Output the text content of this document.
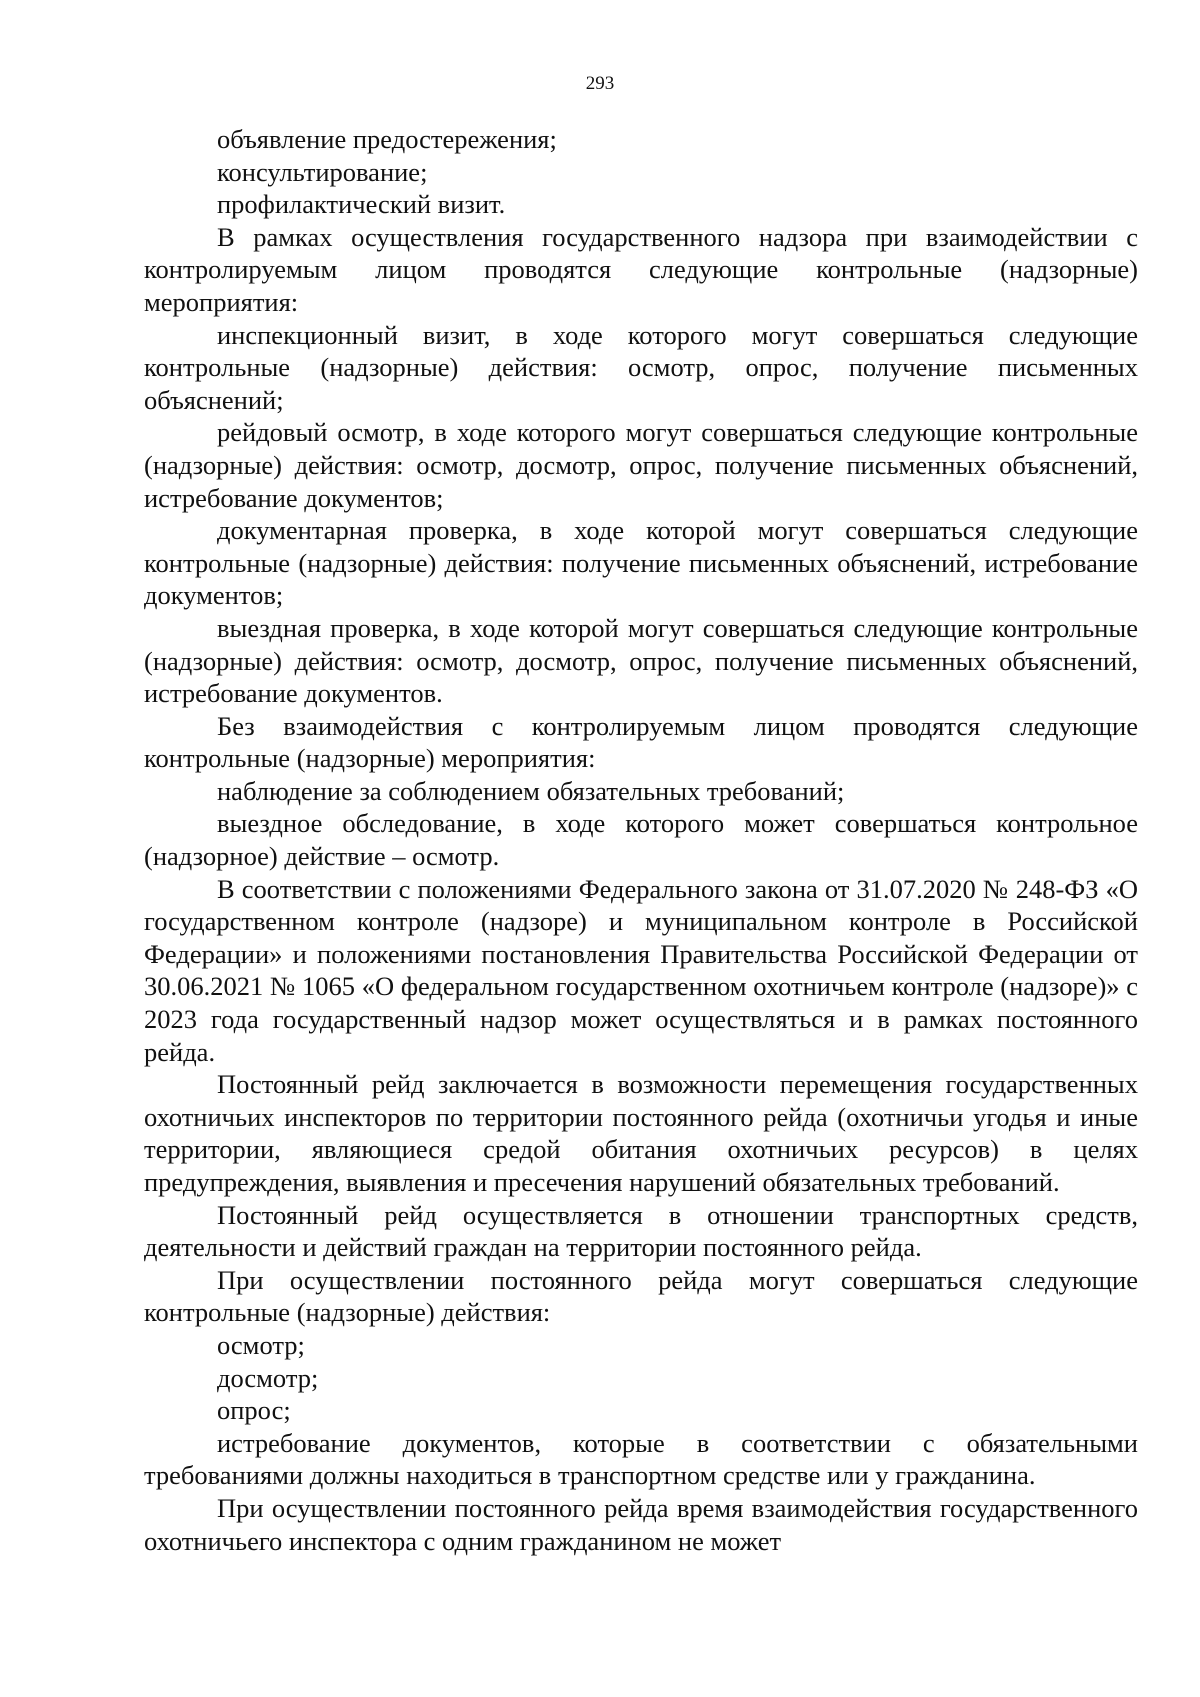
293

объявление предостережения;

консультирование;

профилактический визит.

В рамках осуществления государственного надзора при взаимодействии с контролируемым лицом проводятся следующие контрольные (надзорные) мероприятия:

инспекционный визит, в ходе которого могут совершаться следующие контрольные (надзорные) действия: осмотр, опрос, получение письменных объяснений;

рейдовый осмотр, в ходе которого могут совершаться следующие контрольные (надзорные) действия: осмотр, досмотр, опрос, получение письменных объяснений, истребование документов;

документарная проверка, в ходе которой могут совершаться следующие контрольные (надзорные) действия: получение письменных объяснений, истребование документов;

выездная проверка, в ходе которой могут совершаться следующие контрольные (надзорные) действия: осмотр, досмотр, опрос, получение письменных объяснений, истребование документов.

Без взаимодействия с контролируемым лицом проводятся следующие контрольные (надзорные) мероприятия:

наблюдение за соблюдением обязательных требований;

выездное обследование, в ходе которого может совершаться контрольное (надзорное) действие – осмотр.

В соответствии с положениями Федерального закона от 31.07.2020 № 248-ФЗ «О государственном контроле (надзоре) и муниципальном контроле в Российской Федерации» и положениями постановления Правительства Российской Федерации от 30.06.2021 № 1065 «О федеральном государственном охотничьем контроле (надзоре)» с 2023 года государственный надзор может осуществляться и в рамках постоянного рейда.

Постоянный рейд заключается в возможности перемещения государственных охотничьих инспекторов по территории постоянного рейда (охотничьи угодья и иные территории, являющиеся средой обитания охотничьих ресурсов) в целях предупреждения, выявления и пресечения нарушений обязательных требований.

Постоянный рейд осуществляется в отношении транспортных средств, деятельности и действий граждан на территории постоянного рейда.

При осуществлении постоянного рейда могут совершаться следующие контрольные (надзорные) действия:

осмотр;

досмотр;

опрос;

истребование документов, которые в соответствии с обязательными требованиями должны находиться в транспортном средстве или у гражданина.

При осуществлении постоянного рейда время взаимодействия государственного охотничьего инспектора с одним гражданином не может
